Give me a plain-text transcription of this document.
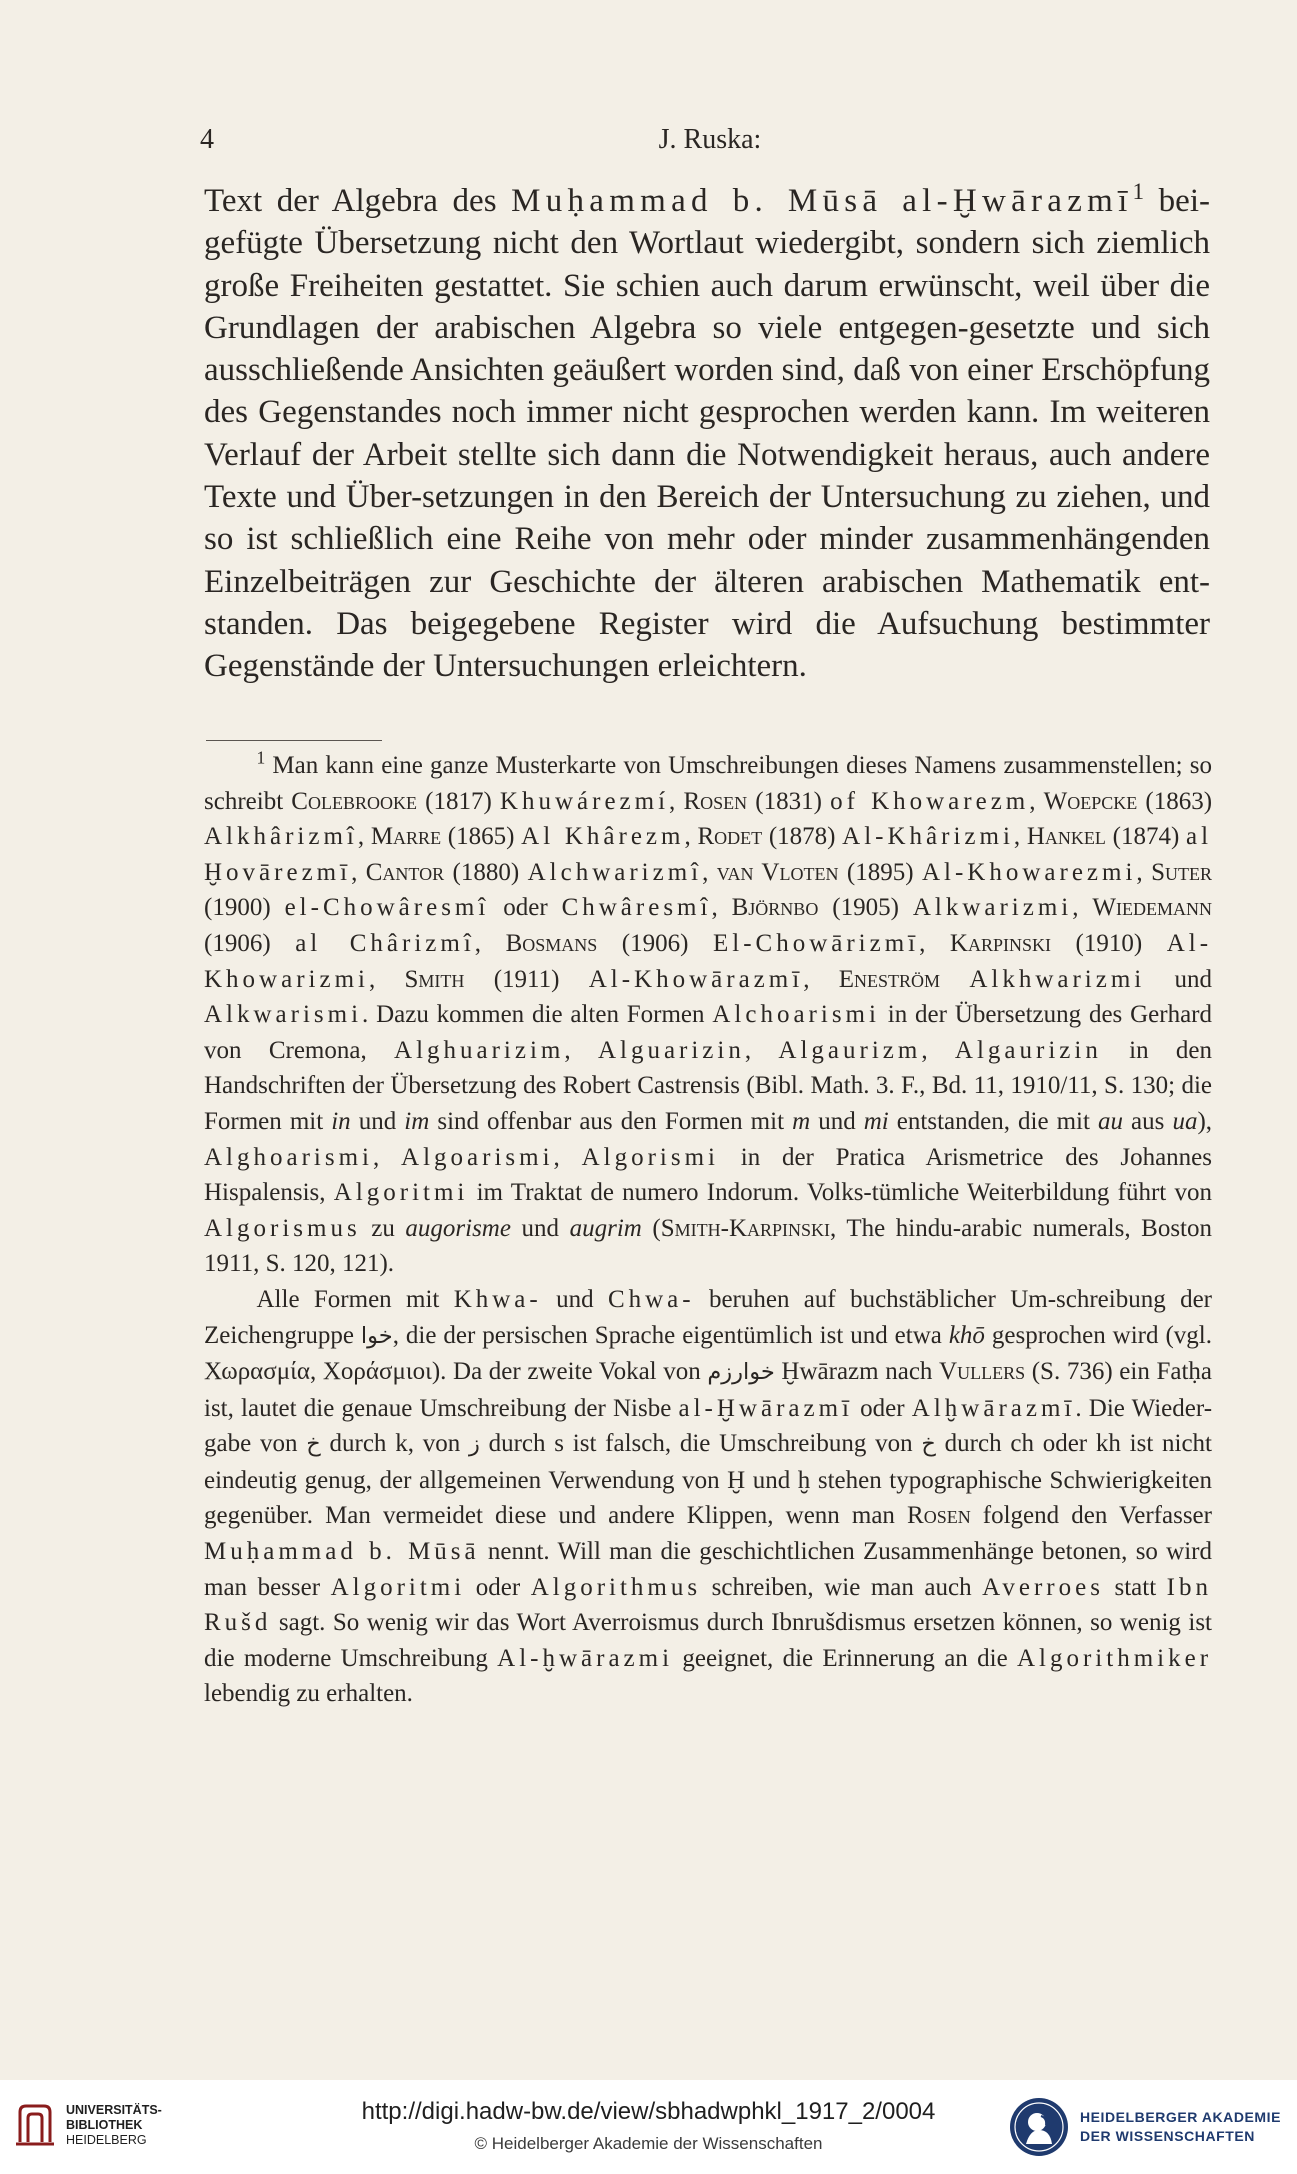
4	J. Ruska:

Text der Algebra des Muḥammad b. Mūsā al-Ḫwārazmī$^1$ bei-gefügte Übersetzung nicht den Wortlaut wiedergibt, sondern sich ziemlich große Freiheiten gestattet. Sie schien auch darum erwünscht, weil über die Grundlagen der arabischen Algebra so viele entgegen-gesetzte und sich ausschließende Ansichten geäußert worden sind, daß von einer Erschöpfung des Gegenstandes noch immer nicht gesprochen werden kann. Im weiteren Verlauf der Arbeit stellte sich dann die Notwendigkeit heraus, auch andere Texte und Über-setzungen in den Bereich der Untersuchung zu ziehen, und so ist schließlich eine Reihe von mehr oder minder zusammenhängenden Einzelbeiträgen zur Geschichte der älteren arabischen Mathematik ent-standen. Das beigegebene Register wird die Aufsuchung bestimmter Gegenstände der Untersuchungen erleichtern.

$^1$ Man kann eine ganze Musterkarte von Umschreibungen dieses Namens zusammenstellen; so schreibt Colebrooke (1817) Khuwárezmí, Rosen (1831) of Khowarezm, Woepcke (1863) Alkhârizmî, Marre (1865) Al Khârezm, Rodet (1878) Al-Khârizmi, Hankel (1874) al Ḫovārezmī, Cantor (1880) Alchwarizmî, van Vloten (1895) Al-Khowarezmi, Suter (1900) el-Chowâresmî oder Chwâresmî, Björnbo (1905) Alkwarizmi, Wiedemann (1906) al Chârizmî, Bosmans (1906) El-Chowārizmī, Karpinski (1910) Al-Khowarizmi, Smith (1911) Al-Khowārazmī, Eneström Alkhwarizmi und Alkwarismi. Dazu kommen die alten Formen Alchoarismi in der Übersetzung des Gerhard von Cremona, Alghuarizim, Alguarizin, Algaurizm, Algaurizin in den Handschriften der Übersetzung des Robert Castrensis (Bibl. Math. 3. F., Bd. 11, 1910/11, S. 130; die Formen mit in und im sind offenbar aus den Formen mit m und mi entstanden, die mit au aus ua), Alghoarismi, Algoarismi, Algorismi in der Pratica Arismetrice des Johannes Hispalensis, Algoritmi im Traktat de numero Indorum. Volks-tümliche Weiterbildung führt von Algorismus zu augorisme und augrim (Smith-Karpinski, The hindu-arabic numerals, Boston 1911, S. 120, 121).

Alle Formen mit Khwa- und Chwa- beruhen auf buchstäblicher Um-schreibung der Zeichengruppe خوا, die der persischen Sprache eigentümlich ist und etwa khō gesprochen wird (vgl. Χωρασμία, Χοράσμιοι). Da der zweite Vokal von خوارزم Ḫwārazm nach Vullers (S. 736) ein Fatḥa ist, lautet die genaue Umschreibung der Nisbe al-Ḫwārazmī oder Alḫwārazmī. Die Wieder-gabe von خ durch k, von ز durch s ist falsch, die Umschreibung von خ durch ch oder kh ist nicht eindeutig genug, der allgemeinen Verwendung von Ḫ und ḫ stehen typographische Schwierigkeiten gegenüber. Man vermeidet diese und andere Klippen, wenn man Rosen folgend den Verfasser Muḥammad b. Mūsā nennt. Will man die geschichtlichen Zusammenhänge betonen, so wird man besser Algoritmi oder Algorithmus schreiben, wie man auch Averroes statt Ibn Rušd sagt. So wenig wir das Wort Averroismus durch Ibnrušdismus ersetzen können, so wenig ist die moderne Umschreibung Al-ḫwārazmi geeignet, die Erinnerung an die Algorithmiker lebendig zu erhalten.

UNIVERSITÄTS-
BIBLIOTHEK
HEIDELBERG
http://digi.hadw-bw.de/view/sbhadwphkl_1917_2/0004
© Heidelberger Akademie der Wissenschaften
HEIDELBERGER AKADEMIE
DER WISSENSCHAFTEN
